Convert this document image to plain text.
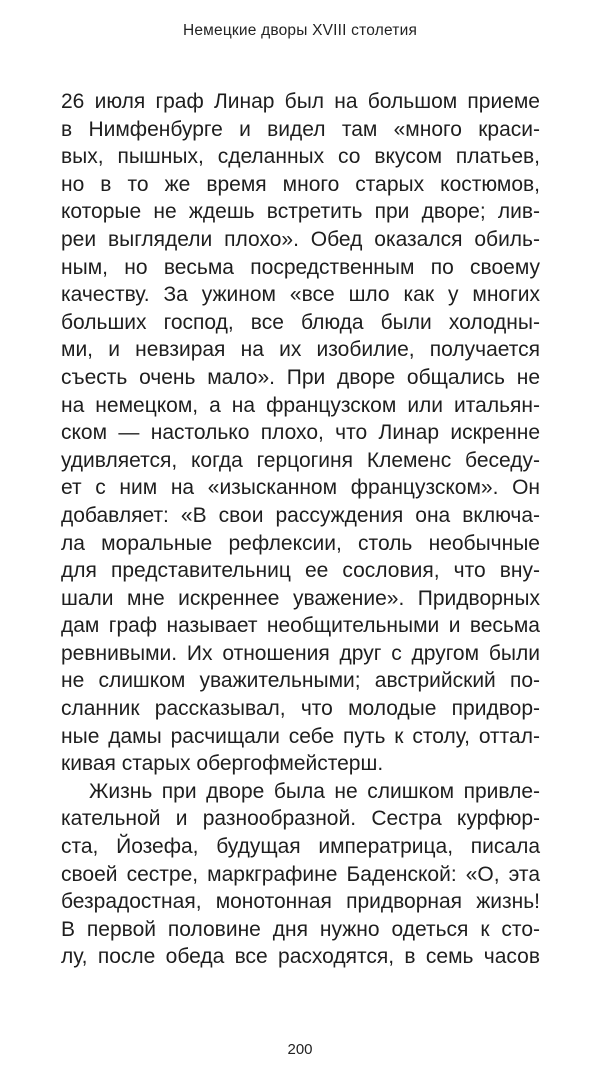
Немецкие дворы XVIII столетия
26 июля граф Линар был на большом приеме
в Нимфенбурге и видел там «много краси-
вых, пышных, сделанных со вкусом платьев,
но в то же время много старых костюмов,
которые не ждешь встретить при дворе; лив-
реи выглядели плохо». Обед оказался обиль-
ным, но весьма посредственным по своему
качеству. За ужином «все шло как у многих
больших господ, все блюда были холодны-
ми, и невзирая на их изобилие, получается
съесть очень мало». При дворе общались не
на немецком, а на французском или итальян-
ском — настолько плохо, что Линар искренне
удивляется, когда герцогиня Клеменс беседу-
ет с ним на «изысканном французском». Он
добавляет: «В свои рассуждения она включа-
ла моральные рефлексии, столь необычные
для представительниц ее сословия, что вну-
шали мне искреннее уважение». Придворных
дам граф называет необщительными и весьма
ревнивыми. Их отношения друг с другом были
не слишком уважительными; австрийский по-
сланник рассказывал, что молодые придвор-
ные дамы расчищали себе путь к столу, оттал-
кивая старых обергофмейстерш.
Жизнь при дворе была не слишком привле-
кательной и разнообразной. Сестра курфюр-
ста, Йозефа, будущая императрица, писала
своей сестре, маркграфине Баденской: «О, эта
безрадостная, монотонная придворная жизнь!
В первой половине дня нужно одеться к сто-
лу, после обеда все расходятся, в семь часов
200
